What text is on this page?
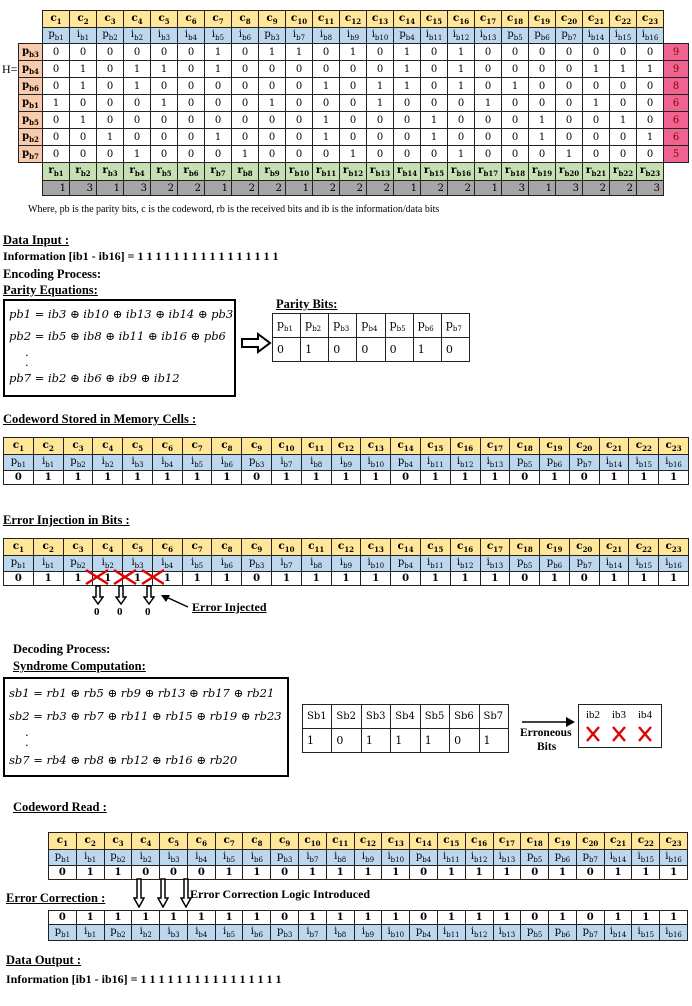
H=
	$c_1$	$c_2$	$c_3$	$c_4$	$c_5$	$c_6$	$c_7$	$c_8$	$c_9$	$c_{10}$	$c_{11}$	$c_{12}$	$c_{13}$	$c_{14}$	$c_{15}$	$c_{16}$	$c_{17}$	$c_{18}$	$c_{19}$	$c_{20}$	$c_{21}$	$c_{22}$	$c_{23}$	
	$p_{b1}$	$i_{b1}$	$p_{b2}$	$i_{b2}$	$i_{b3}$	$i_{b4}$	$i_{b5}$	$i_{b6}$	$p_{b3}$	$i_{b7}$	$i_{b8}$	$i_{b9}$	$i_{b10}$	$p_{b4}$	$i_{b11}$	$i_{b12}$	$i_{b13}$	$p_{b5}$	$p_{b6}$	$p_{b7}$	$i_{b14}$	$i_{b15}$	$i_{b16}$	
$p_{b3}$	0	0	0	0	0	0	1	0	1	1	0	1	0	1	0	1	0	0	0	0	0	0	0	9
$p_{b4}$	0	1	0	1	1	0	1	0	0	0	0	0	0	1	0	1	0	0	0	0	1	1	1	9
$p_{b6}$	0	1	0	1	0	0	0	0	0	0	1	0	1	1	0	1	0	1	0	0	0	0	0	8
$p_{b1}$	1	0	0	0	1	0	0	0	1	0	0	0	1	0	0	0	1	0	0	0	1	0	0	6
$p_{b5}$	0	1	0	0	0	0	0	0	0	0	1	0	0	0	1	0	0	0	1	0	0	1	0	6
$p_{b2}$	0	0	1	0	0	0	1	0	0	0	1	0	0	0	1	0	0	0	1	0	0	0	1	6
$p_{b7}$	0	0	0	1	0	0	0	1	0	0	0	1	0	0	0	1	0	0	0	1	0	0	0	5
	$r_{b1}$	$r_{b2}$	$r_{b3}$	$r_{b4}$	$r_{b5}$	$r_{b6}$	$r_{b7}$	$r_{b8}$	$r_{b9}$	$r_{b10}$	$r_{b11}$	$r_{b12}$	$r_{b13}$	$r_{b14}$	$r_{b15}$	$r_{b16}$	$r_{b17}$	$r_{b18}$	$r_{b19}$	$r_{b20}$	$r_{b21}$	$r_{b22}$	$r_{b23}$	
	1	3	1	3	2	2	1	2	2	1	2	2	2	1	2	2	1	3	1	3	2	2	3	
Where, pb is the parity bits, c is the codeword, rb is the received bits and ib is the information/data bits
Data Input :
Information [ib1 - ib16] = 1 1 1 1 1 1 1 1 1 1 1 1 1 1 1 1
Encoding Process:
Parity Equations:
pb1 = ib3 ⊕ ib10 ⊕ ib13 ⊕ ib14 ⊕ pb3
pb2 = ib5 ⊕ ib8 ⊕ ib11 ⊕ ib16 ⊕ pb6
.
.
pb7 = ib2 ⊕ ib6 ⊕ ib9 ⊕ ib12
Parity Bits:
$p_{b1}$	$p_{b2}$	$p_{b3}$	$p_{b4}$	$p_{b5}$	$p_{b6}$	$p_{b7}$
0	1	0	0	0	1	0
Codeword Stored in Memory Cells :
$c_1$	$c_2$	$c_3$	$c_4$	$c_5$	$c_6$	$c_7$	$c_8$	$c_9$	$c_{10}$	$c_{11}$	$c_{12}$	$c_{13}$	$c_{14}$	$c_{15}$	$c_{16}$	$c_{17}$	$c_{18}$	$c_{19}$	$c_{20}$	$c_{21}$	$c_{22}$	$c_{23}$
$p_{b1}$	$i_{b1}$	$p_{b2}$	$i_{b2}$	$i_{b3}$	$i_{b4}$	$i_{b5}$	$i_{b6}$	$p_{b3}$	$i_{b7}$	$i_{b8}$	$i_{b9}$	$i_{b10}$	$p_{b4}$	$i_{b11}$	$i_{b12}$	$i_{b13}$	$p_{b5}$	$p_{b6}$	$p_{b7}$	$i_{b14}$	$i_{b15}$	$i_{b16}$
0	1	1	1	1	1	1	1	0	1	1	1	1	0	1	1	1	0	1	0	1	1	1
Error Injection in Bits :
$c_1$	$c_2$	$c_3$	$c_4$	$c_5$	$c_6$	$c_7$	$c_8$	$c_9$	$c_{10}$	$c_{11}$	$c_{12}$	$c_{13}$	$c_{14}$	$c_{15}$	$c_{16}$	$c_{17}$	$c_{18}$	$c_{19}$	$c_{20}$	$c_{21}$	$c_{22}$	$c_{23}$
$p_{b1}$	$i_{b1}$	$p_{b2}$	$i_{b2}$	$i_{b3}$	$i_{b4}$	$i_{b5}$	$i_{b6}$	$p_{b3}$	$i_{b7}$	$i_{b8}$	$i_{b9}$	$i_{b10}$	$p_{b4}$	$i_{b11}$	$i_{b12}$	$i_{b13}$	$p_{b5}$	$p_{b6}$	$p_{b7}$	$i_{b14}$	$i_{b15}$	$i_{b16}$
0	1	1	1	1	1	1	1	0	1	1	1	1	0	1	1	1	0	1	0	1	1	1
0 0 0	Error Injected
Decoding Process:
Syndrome Computation:
sb1 = rb1 ⊕ rb5 ⊕ rb9 ⊕ rb13 ⊕ rb17 ⊕ rb21
sb2 = rb3 ⊕ rb7 ⊕ rb11 ⊕ rb15 ⊕ rb19 ⊕ rb23
.
.
sb7 = rb4 ⊕ rb8 ⊕ rb12 ⊕ rb16 ⊕ rb20
Sb1	Sb2	Sb3	Sb4	Sb5	Sb6	Sb7
1	0	1	1	1	0	1
Erroneous
Bits
ib2 ib3 ib4
Codeword Read :
$c_1$	$c_2$	$c_3$	$c_4$	$c_5$	$c_6$	$c_7$	$c_8$	$c_9$	$c_{10}$	$c_{11}$	$c_{12}$	$c_{13}$	$c_{14}$	$c_{15}$	$c_{16}$	$c_{17}$	$c_{18}$	$c_{19}$	$c_{20}$	$c_{21}$	$c_{22}$	$c_{23}$
$p_{b1}$	$i_{b1}$	$p_{b2}$	$i_{b2}$	$i_{b3}$	$i_{b4}$	$i_{b5}$	$i_{b6}$	$p_{b3}$	$i_{b7}$	$i_{b8}$	$i_{b9}$	$i_{b10}$	$p_{b4}$	$i_{b11}$	$i_{b12}$	$i_{b13}$	$p_{b5}$	$p_{b6}$	$p_{b7}$	$i_{b14}$	$i_{b15}$	$i_{b16}$
0	1	1	0	0	0	1	1	0	1	1	1	1	0	1	1	1	0	1	0	1	1	1
Error Correction :	Error Correction Logic Introduced
0	1	1	1	1	1	1	1	0	1	1	1	1	0	1	1	1	0	1	0	1	1	1
$p_{b1}$	$i_{b1}$	$p_{b2}$	$i_{b2}$	$i_{b3}$	$i_{b4}$	$i_{b5}$	$i_{b6}$	$p_{b3}$	$i_{b7}$	$i_{b8}$	$i_{b9}$	$i_{b10}$	$p_{b4}$	$i_{b11}$	$i_{b12}$	$i_{b13}$	$p_{b5}$	$p_{b6}$	$p_{b7}$	$i_{b14}$	$i_{b15}$	$i_{b16}$
Data Output :
Information [ib1 - ib16] = 1 1 1 1 1 1 1 1 1 1 1 1 1 1 1 1
